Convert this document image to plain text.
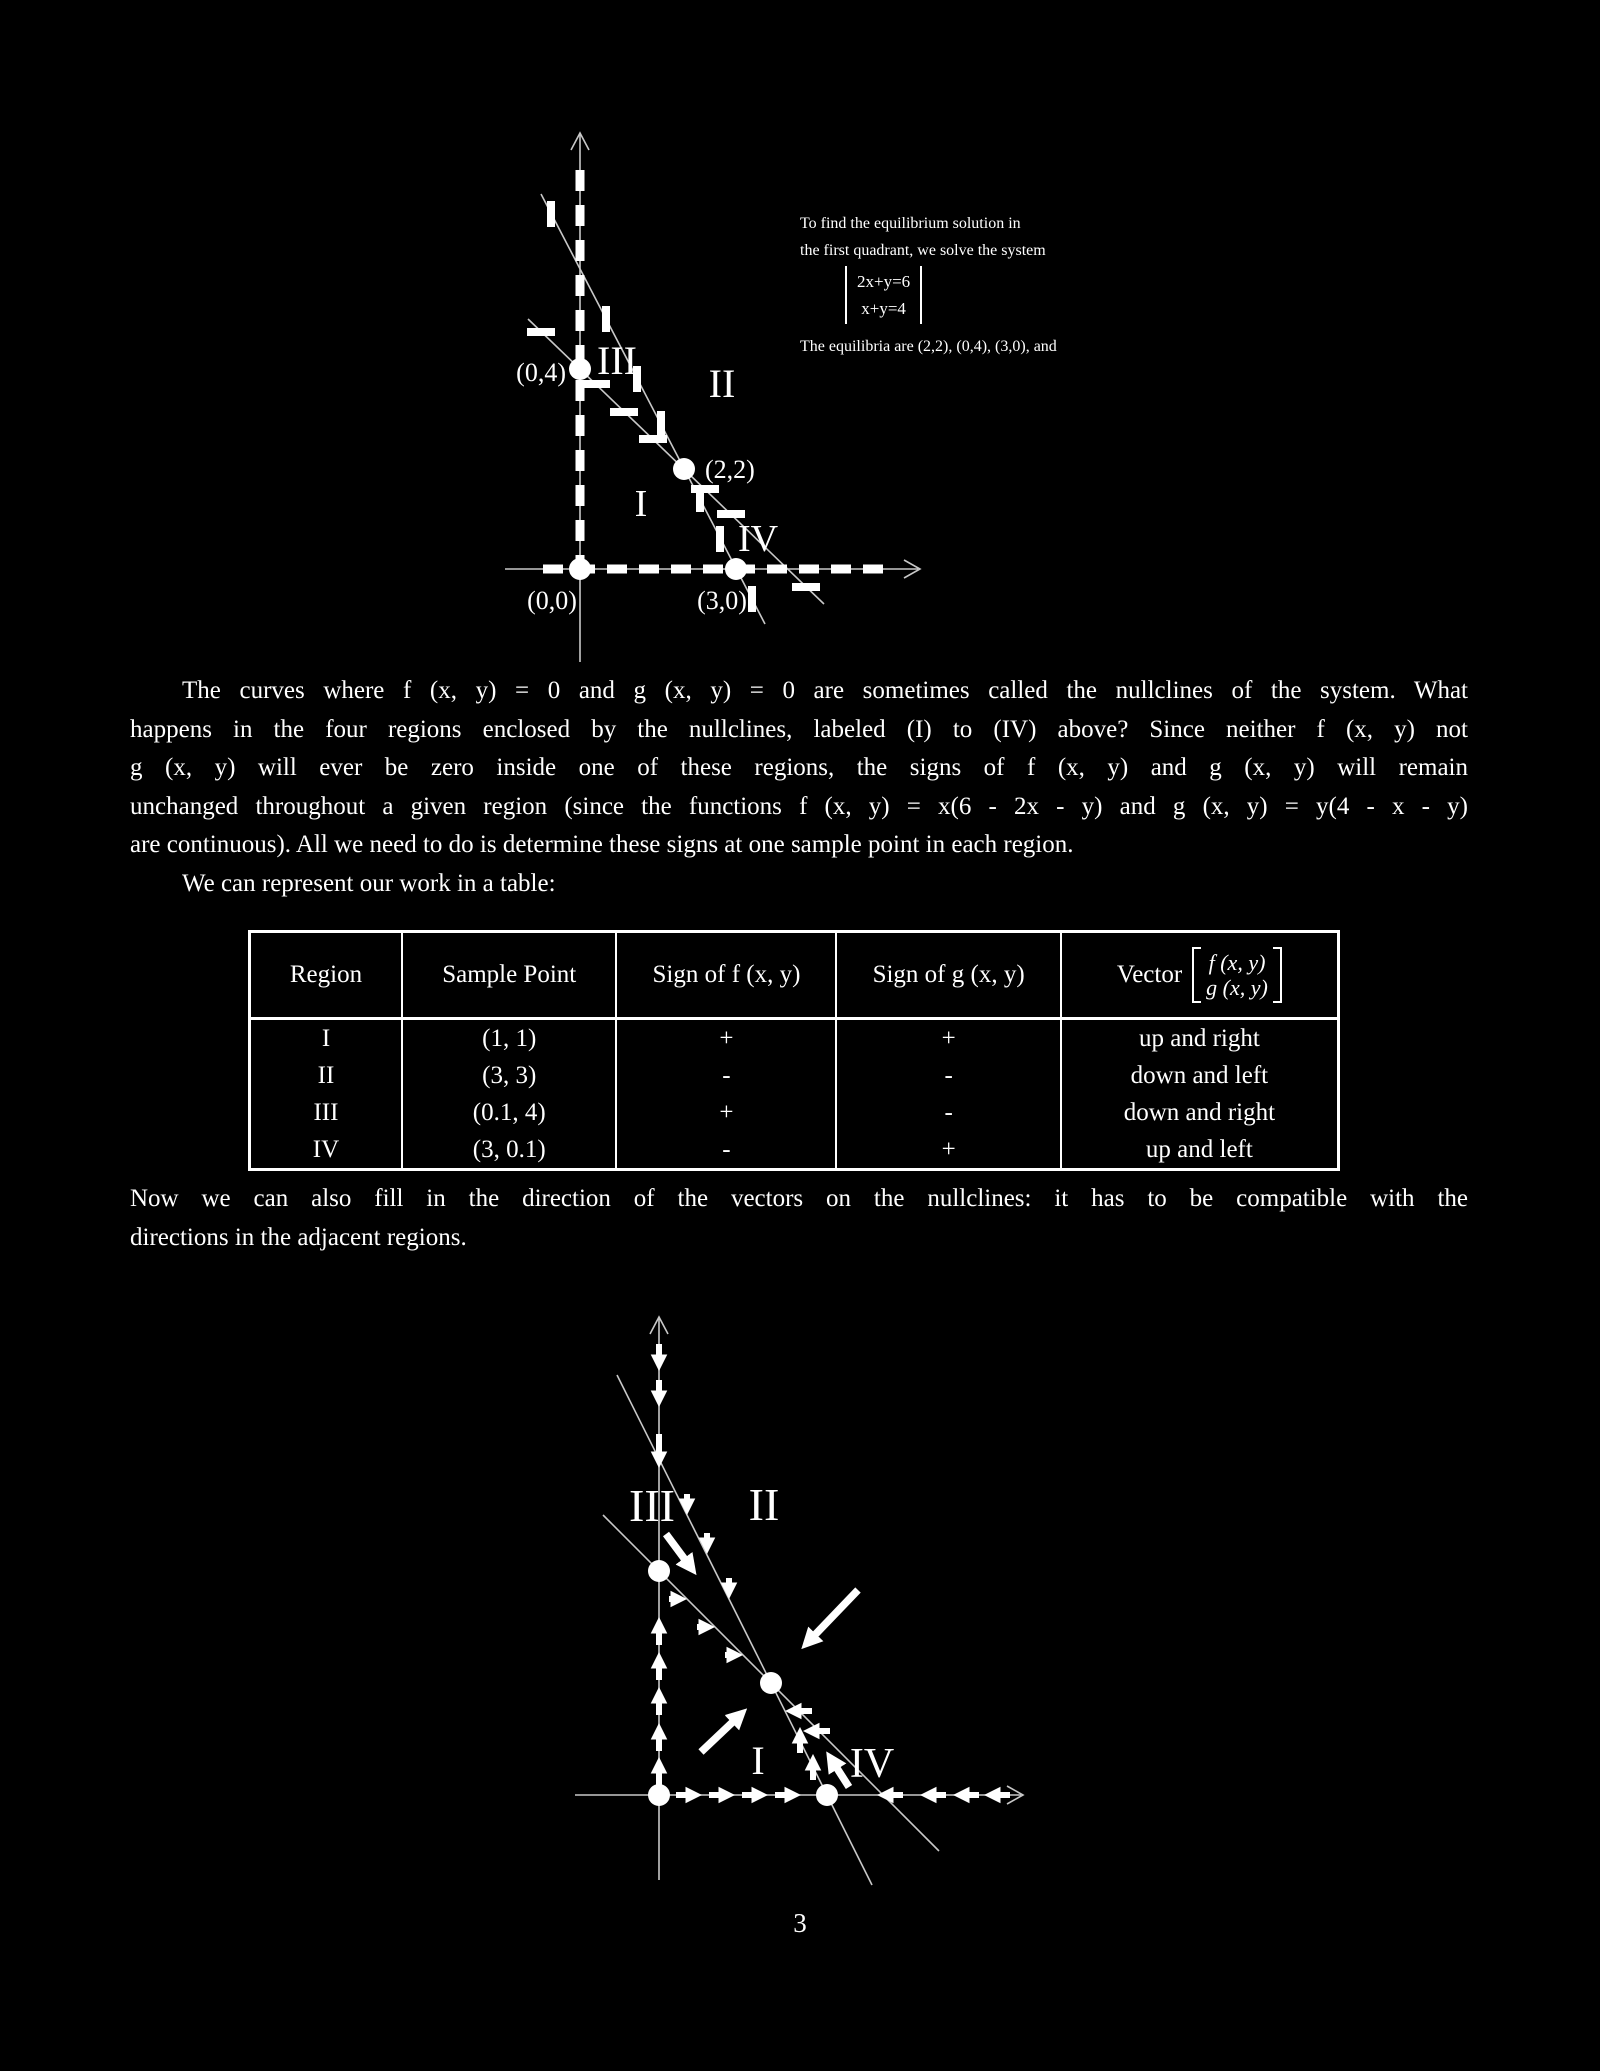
(0,4)
(2,2)
(0,0)	(3,0)
III
II
I
IV
To find the equilibrium solution in
the first quadrant, we solve the system
2x+y=6
x+y=4
The equilibria are (2,2), (0,4), (3,0), and
The curves where f (x, y) = 0 and g (x, y) = 0 are sometimes called the nullclines of the system. What
happens in the four regions enclosed by the nullclines, labeled (I) to (IV) above? Since neither f (x, y) not
g (x, y) will ever be zero inside one of these regions, the signs of f (x, y) and g (x, y) will remain
unchanged throughout a given region (since the functions f (x, y) = x(6 - 2x - y) and g (x, y) = y(4 - x - y)
are continuous). All we need to do is determine these signs at one sample point in each region.
We can represent our work in a table:
Region	Sample Point	Sign of f (x, y)	Sign of g (x, y)	Vector f (x, y)
g (x, y)

I	(1, 1)	+	+	up and right
II	(3, 3)	-	-	down and left
III	(0.1, 4)	+	-	down and right
IV	(3, 0.1)	-	+	up and left
Now we can also fill in the direction of the vectors on the nullclines: it has to be compatible with the
directions in the adjacent regions.
III II
I IV
3
